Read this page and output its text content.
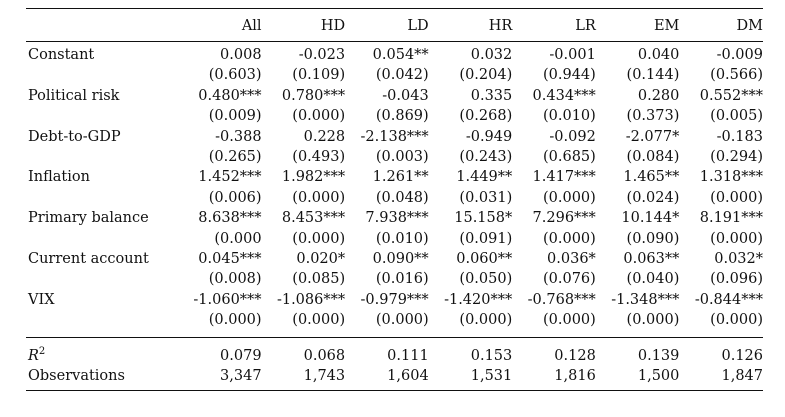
	All	HD	LD	HR	LR	EM	DM
Constant	0.008	-0.023	0.054**	0.032	-0.001	0.040	-0.009
	(0.603)	(0.109)	(0.042)	(0.204)	(0.944)	(0.144)	(0.566)
Political risk	0.480***	0.780***	-0.043	0.335	0.434***	0.280	0.552***
	(0.009)	(0.000)	(0.869)	(0.268)	(0.010)	(0.373)	(0.005)
Debt-to-GDP	-0.388	0.228	-2.138***	-0.949	-0.092	-2.077*	-0.183
	(0.265)	(0.493)	(0.003)	(0.243)	(0.685)	(0.084)	(0.294)
Inflation	1.452***	1.982***	1.261**	1.449**	1.417***	1.465**	1.318***
	(0.006)	(0.000)	(0.048)	(0.031)	(0.000)	(0.024)	(0.000)
Primary balance	8.638***	8.453***	7.938***	15.158*	7.296***	10.144*	8.191***
	(0.000	(0.000)	(0.010)	(0.091)	(0.000)	(0.090)	(0.000)
Current account	0.045***	0.020*	0.090**	0.060**	0.036*	0.063**	0.032*
	(0.008)	(0.085)	(0.016)	(0.050)	(0.076)	(0.040)	(0.096)
VIX	-1.060***	-1.086***	-0.979***	-1.420***	-0.768***	-1.348***	-0.844***
	(0.000)	(0.000)	(0.000)	(0.000)	(0.000)	(0.000)	(0.000)
$R^2$	0.079	0.068	0.111	0.153	0.128	0.139	0.126
Observations	3,347	1,743	1,604	1,531	1,816	1,500	1,847
